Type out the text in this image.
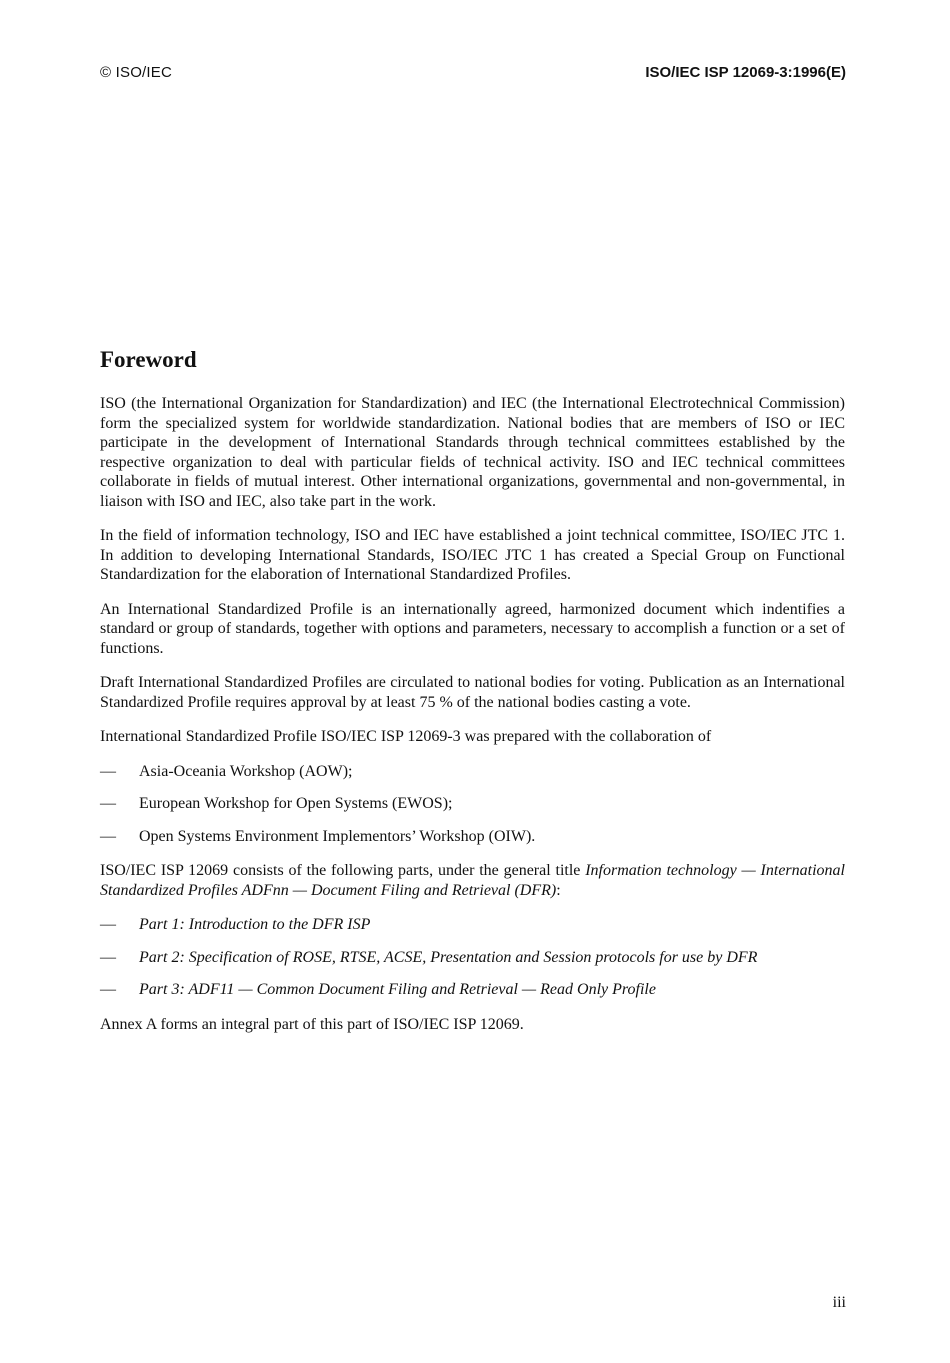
© ISO/IEC	ISO/IEC ISP 12069-3:1996(E)
Foreword

ISO (the International Organization for Standardization) and IEC (the International Electrotechnical Commission) form the specialized system for worldwide standardization. National bodies that are members of ISO or IEC participate in the development of International Standards through technical committees established by the respective organization to deal with particular fields of technical activity. ISO and IEC technical committees collaborate in fields of mutual interest. Other international organizations, governmental and non-governmental, in liaison with ISO and IEC, also take part in the work.

In the field of information technology, ISO and IEC have established a joint technical committee, ISO/IEC JTC 1. In addition to developing International Standards, ISO/IEC JTC 1 has created a Special Group on Functional Standardization for the elaboration of International Standardized Profiles.

An International Standardized Profile is an internationally agreed, harmonized document which indentifies a standard or group of standards, together with options and parameters, necessary to accomplish a function or a set of functions.

Draft International Standardized Profiles are circulated to national bodies for voting. Publication as an International Standardized Profile requires approval by at least 75 % of the national bodies casting a vote.

International Standardized Profile ISO/IEC ISP 12069-3 was prepared with the collaboration of

—	Asia-Oceania Workshop (AOW);
—	European Workshop for Open Systems (EWOS);
—	Open Systems Environment Implementors’ Workshop (OIW).

ISO/IEC ISP 12069 consists of the following parts, under the general title Information technology — International Standardized Profiles ADFnn — Document Filing and Retrieval (DFR):

—	Part 1: Introduction to the DFR ISP
—	Part 2: Specification of ROSE, RTSE, ACSE, Presentation and Session protocols for use by DFR
—	Part 3: ADF11 — Common Document Filing and Retrieval — Read Only Profile

Annex A forms an integral part of this part of ISO/IEC ISP 12069.

iii
